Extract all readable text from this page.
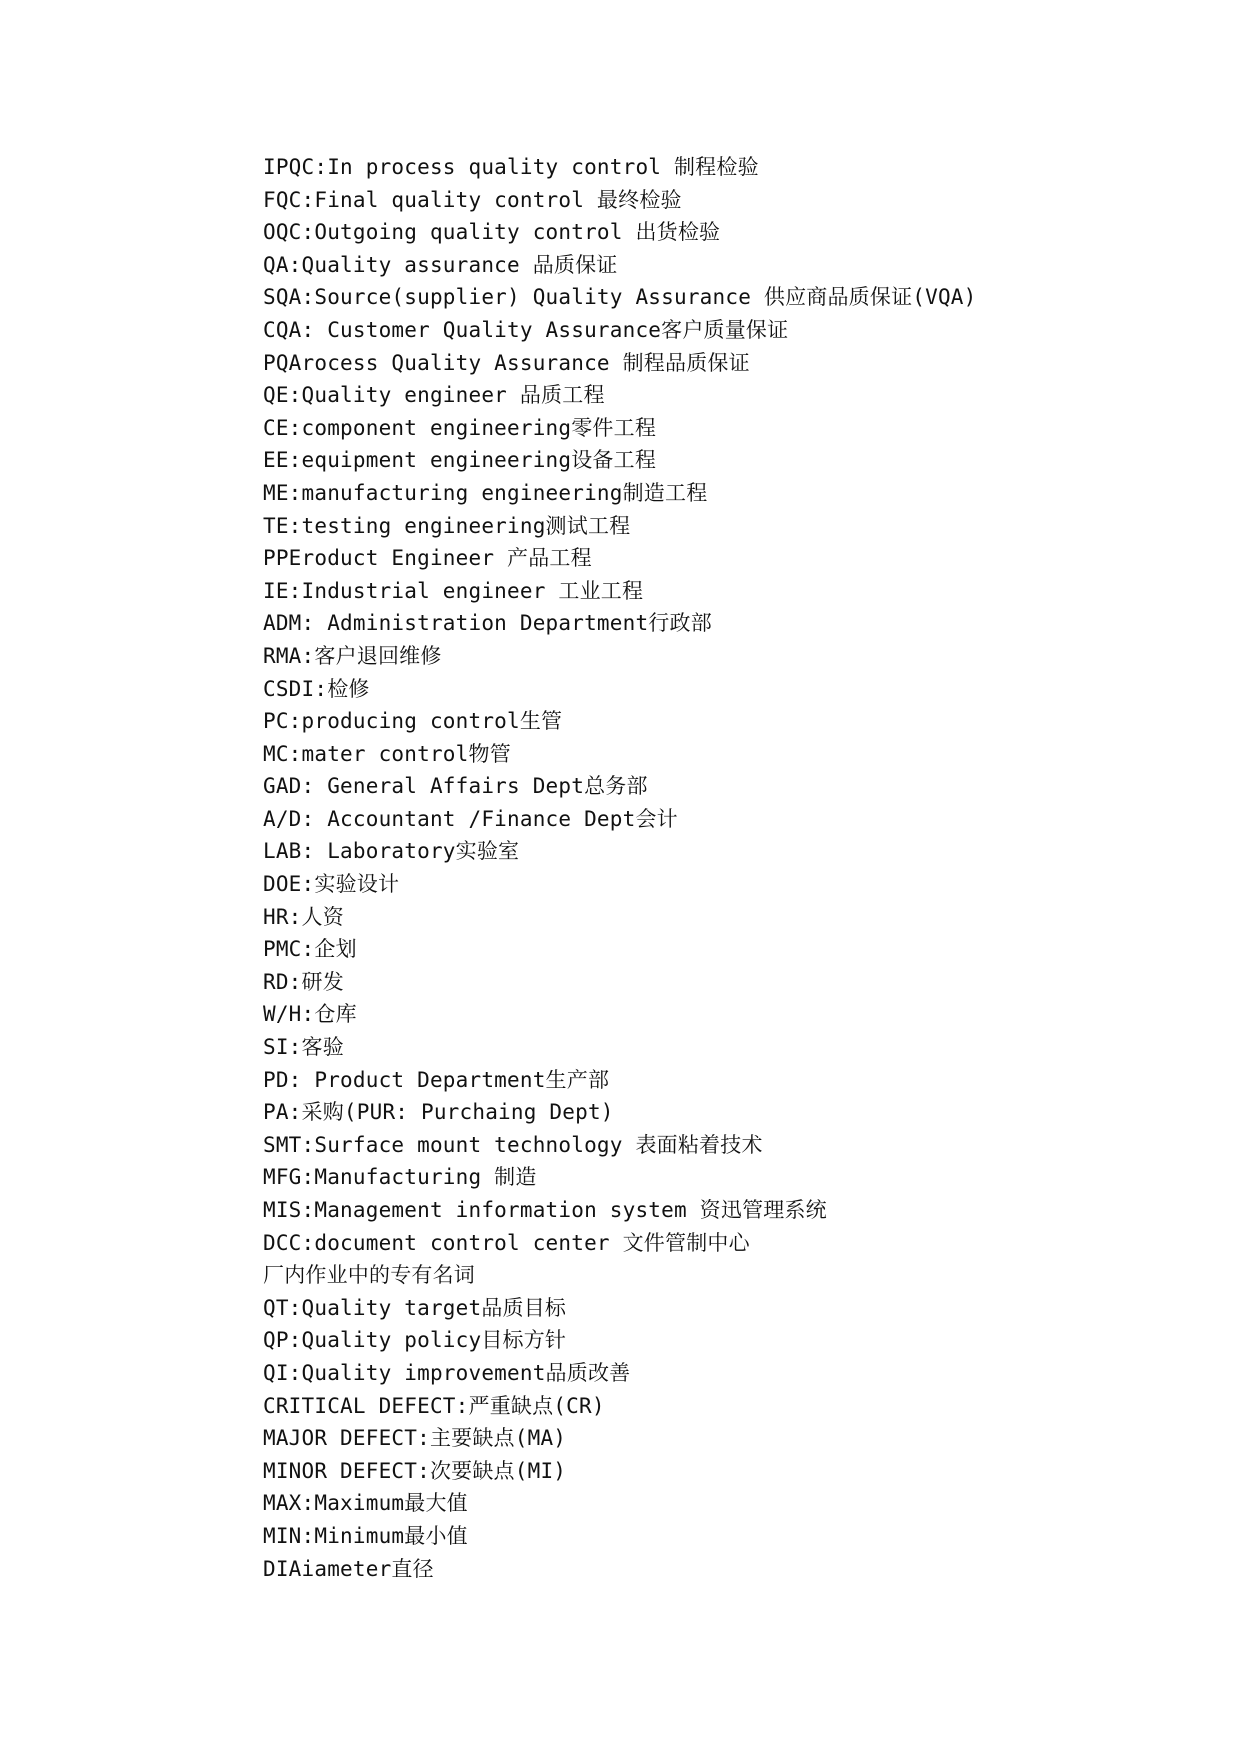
IPQC:In process quality control 制程检验
FQC:Final quality control 最终检验
OQC:Outgoing quality control 出货检验
QA:Quality assurance 品质保证
SQA:Source(supplier) Quality Assurance 供应商品质保证(VQA)
CQA: Customer Quality Assurance客户质量保证
PQArocess Quality Assurance 制程品质保证
QE:Quality engineer 品质工程
CE:component engineering零件工程
EE:equipment engineering设备工程
ME:manufacturing engineering制造工程
TE:testing engineering测试工程
PPEroduct Engineer 产品工程
IE:Industrial engineer 工业工程
ADM: Administration Department行政部
RMA:客户退回维修
CSDI:检修
PC:producing control生管
MC:mater control物管
GAD: General Affairs Dept总务部
A/D: Accountant /Finance Dept会计
LAB: Laboratory实验室
DOE:实验设计
HR:人资
PMC:企划
RD:研发
W/H:仓库
SI:客验
PD: Product Department生产部
PA:采购(PUR: Purchaing Dept)
SMT:Surface mount technology 表面粘着技术
MFG:Manufacturing 制造
MIS:Management information system 资迅管理系统
DCC:document control center 文件管制中心
厂内作业中的专有名词
QT:Quality target品质目标
QP:Quality policy目标方针
QI:Quality improvement品质改善
CRITICAL DEFECT:严重缺点(CR)
MAJOR DEFECT:主要缺点(MA)
MINOR DEFECT:次要缺点(MI)
MAX:Maximum最大值
MIN:Minimum最小值
DIAiameter直径
